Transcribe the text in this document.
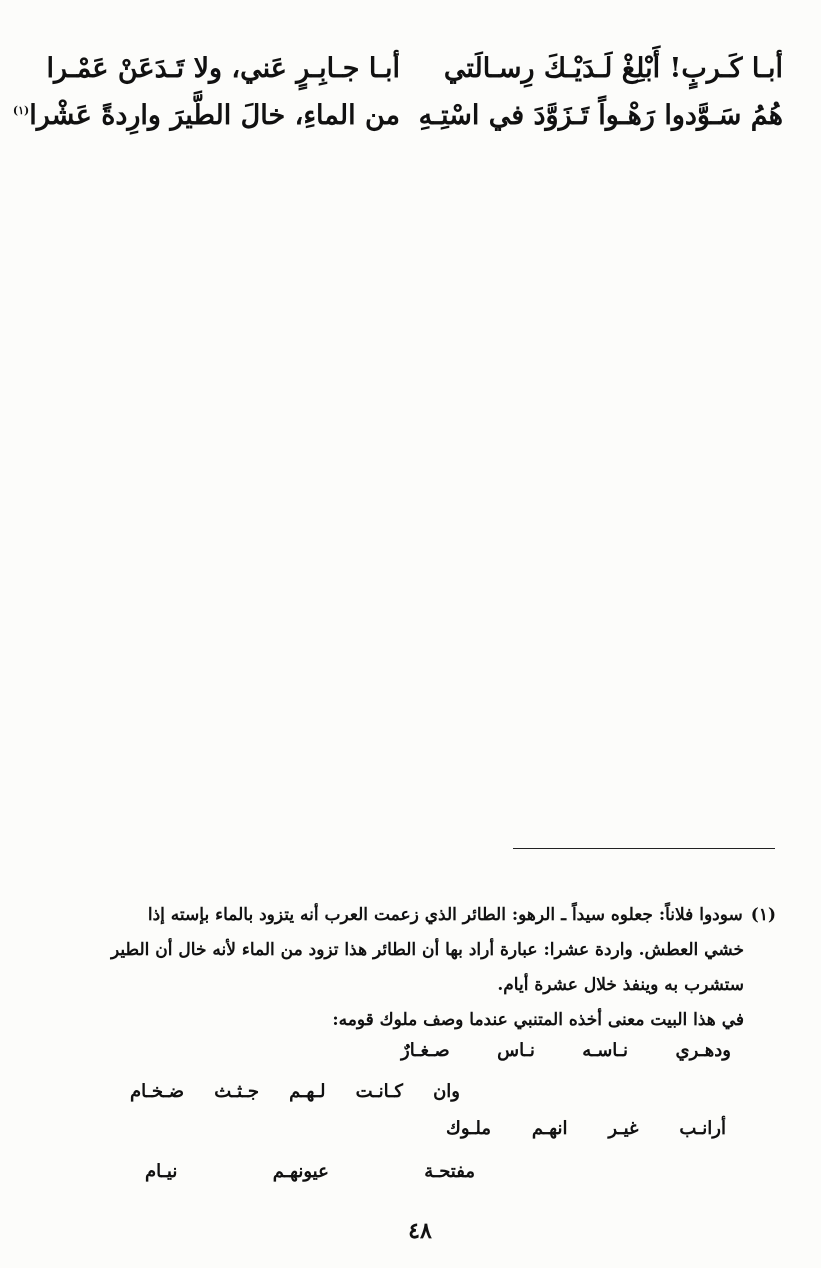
أبـا كَـربٍ! أَبْلِغْ لَـدَيْـكَ رِسـالَتي
أبـا جـابِـرٍ عَني، ولا تَـدَعَنْ عَمْـرا
هُمُ سَـوَّدوا رَهْـواً تَـزَوَّدَ في اسْتِـهِ
من الماءِ، خالَ الطَّيرَ وارِدةً عَشْرا$^{(١)}$
(١)سودوا فلاناً: جعلوه سيداً ـ الرهو: الطائر الذي زعمت العرب أنه يتزود بالماء بإسته إذا
خشي العطش. واردة عشرا: عبارة أراد بها أن الطائر هذا تزود من الماء لأنه خال أن الطير
ستشرب به وينفذ خلال عشرة أيام.
في هذا البيت معنى أخذه المتنبي عندما وصف ملوك قومه:
ودهـري نـاسـه نـاس صـغـارٌ
وان كـانـت لـهـم جـثـث ضـخـام
أرانـب غيـر انهـم ملـوك
مفتحـة عيونهـم نيـام
٤٨
